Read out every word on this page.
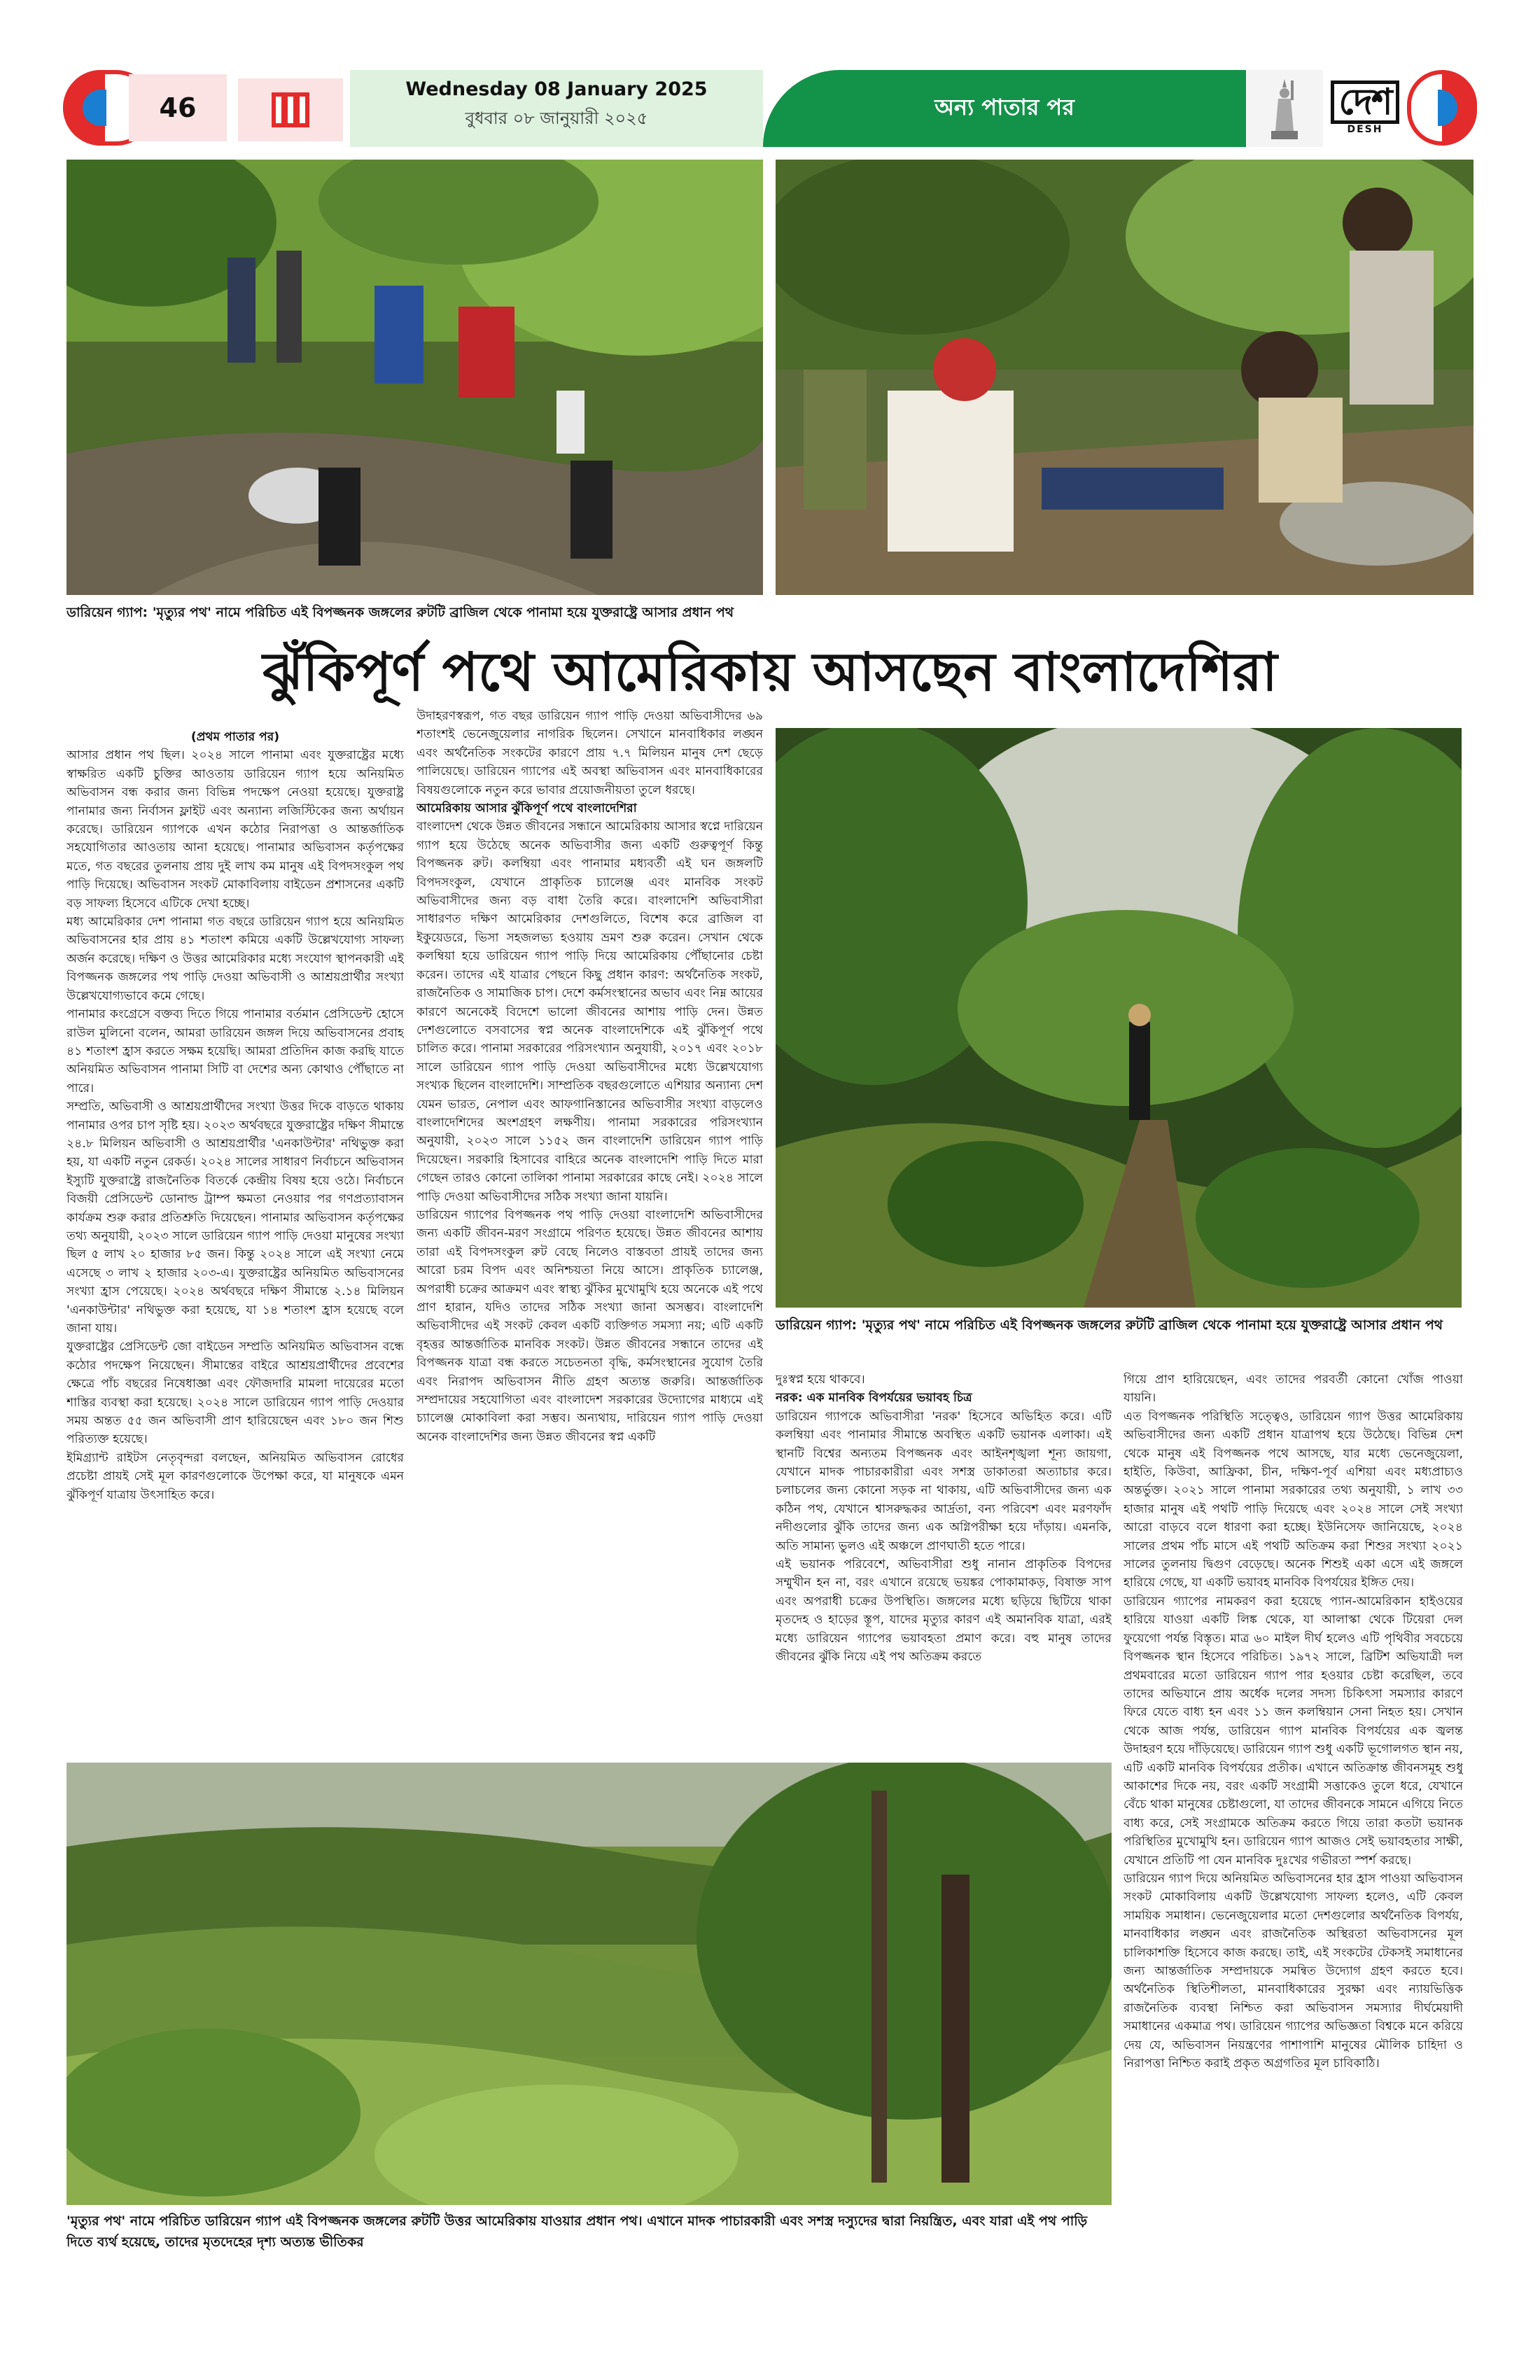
46
Wednesday 08 January 2025
বুধবার ০৮ জানুয়ারী ২০২৫	অন্য পাতার পর	দেশ
DESH
ডারিয়েন গ্যাপ: 'মৃত্যুর পথ' নামে পরিচিত এই বিপজ্জনক জঙ্গলের রুটটি ব্রাজিল থেকে পানামা হয়ে যুক্তরাষ্ট্রে আসার প্রধান পথ
ঝুঁকিপূর্ণ পথে আমেরিকায় আসছেন বাংলাদেশিরা

(প্রথম পাতার পর)

আসার প্রধান পথ ছিল। ২০২৪ সালে পানামা এবং যুক্তরাষ্ট্রের মধ্যে স্বাক্ষরিত একটি চুক্তির আওতায় ডারিয়েন গ্যাপ হয়ে অনিয়মিত অভিবাসন বন্ধ করার জন্য বিভিন্ন পদক্ষেপ নেওয়া হয়েছে। যুক্তরাষ্ট্র পানামার জন্য নির্বাসন ফ্লাইট এবং অন্যান্য লজিস্টিকের জন্য অর্থায়ন করেছে। ডারিয়েন গ্যাপকে এখন কঠোর নিরাপত্তা ও আন্তর্জাতিক সহযোগিতার আওতায় আনা হয়েছে। পানামার অভিবাসন কর্তৃপক্ষের মতে, গত বছরের তুলনায় প্রায় দুই লাখ কম মানুষ এই বিপদসংকুল পথ পাড়ি দিয়েছে। অভিবাসন সংকট মোকাবিলায় বাইডেন প্রশাসনের একটি বড় সাফল্য হিসেবে এটিকে দেখা হচ্ছে।

মধ্য আমেরিকার দেশ পানামা গত বছরে ডারিয়েন গ্যাপ হয়ে অনিয়মিত অভিবাসনের হার প্রায় ৪১ শতাংশ কমিয়ে একটি উল্লেখযোগ্য সাফল্য অর্জন করেছে। দক্ষিণ ও উত্তর আমেরিকার মধ্যে সংযোগ স্থাপনকারী এই বিপজ্জনক জঙ্গলের পথ পাড়ি দেওয়া অভিবাসী ও আশ্রয়প্রার্থীর সংখ্যা উল্লেখযোগ্যভাবে কমে গেছে।

পানামার কংগ্রেসে বক্তব্য দিতে গিয়ে পানামার বর্তমান প্রেসিডেন্ট হোসে রাউল মুলিনো বলেন, আমরা ডারিয়েন জঙ্গল দিয়ে অভিবাসনের প্রবাহ ৪১ শতাংশ হ্রাস করতে সক্ষম হয়েছি। আমরা প্রতিদিন কাজ করছি যাতে অনিয়মিত অভিবাসন পানামা সিটি বা দেশের অন্য কোথাও পৌঁছাতে না পারে।

সম্প্রতি, অভিবাসী ও আশ্রয়প্রার্থীদের সংখ্যা উত্তর দিকে বাড়তে থাকায় পানামার ওপর চাপ সৃষ্টি হয়। ২০২৩ অর্থবছরে যুক্তরাষ্ট্রের দক্ষিণ সীমান্তে ২৪.৮ মিলিয়ন অভিবাসী ও আশ্রয়প্রার্থীর 'এনকাউন্টার' নথিভুক্ত করা হয়, যা একটি নতুন রেকর্ড। ২০২৪ সালের সাধারণ নির্বাচনে অভিবাসন ইস্যুটি যুক্তরাষ্ট্রে রাজনৈতিক বিতর্কে কেন্দ্রীয় বিষয় হয়ে ওঠে। নির্বাচনে বিজয়ী প্রেসিডেন্ট ডোনাল্ড ট্রাম্প ক্ষমতা নেওয়ার পর গণপ্রত্যাবাসন কার্যক্রম শুরু করার প্রতিশ্রুতি দিয়েছেন। পানামার অভিবাসন কর্তৃপক্ষের তথ্য অনুযায়ী, ২০২৩ সালে ডারিয়েন গ্যাপ পাড়ি দেওয়া মানুষের সংখ্যা ছিল ৫ লাখ ২০ হাজার ৮৫ জন। কিন্তু ২০২৪ সালে এই সংখ্যা নেমে এসেছে ৩ লাখ ২ হাজার ২০৩-এ। যুক্তরাষ্ট্রের অনিয়মিত অভিবাসনের সংখ্যা হ্রাস পেয়েছে। ২০২৪ অর্থবছরে দক্ষিণ সীমান্তে ২.১৪ মিলিয়ন 'এনকাউন্টার' নথিভুক্ত করা হয়েছে, যা ১৪ শতাংশ হ্রাস হয়েছে বলে জানা যায়।

যুক্তরাষ্ট্রের প্রেসিডেন্ট জো বাইডেন সম্প্রতি অনিয়মিত অভিবাসন বন্ধে কঠোর পদক্ষেপ নিয়েছেন। সীমান্তের বাইরে আশ্রয়প্রার্থীদের প্রবেশের ক্ষেত্রে পাঁচ বছরের নিষেধাজ্ঞা এবং ফৌজদারি মামলা দায়েরের মতো শাস্তির ব্যবস্থা করা হয়েছে। ২০২৪ সালে ডারিয়েন গ্যাপ পাড়ি দেওয়ার সময় অন্তত ৫৫ জন অভিবাসী প্রাণ হারিয়েছেন এবং ১৮০ জন শিশু পরিত্যক্ত হয়েছে।

ইমিগ্র্যান্ট রাইটস নেতৃবৃন্দরা বলছেন, অনিয়মিত অভিবাসন রোধের প্রচেষ্টা প্রায়ই সেই মূল কারণগুলোকে উপেক্ষা করে, যা মানুষকে এমন ঝুঁকিপূর্ণ যাত্রায় উৎসাহিত করে।

উদাহরণস্বরূপ, গত বছর ডারিয়েন গ্যাপ পাড়ি দেওয়া অভিবাসীদের ৬৯ শতাংশই ভেনেজুয়েলার নাগরিক ছিলেন। সেখানে মানবাধিকার লঙ্ঘন এবং অর্থনৈতিক সংকটের কারণে প্রায় ৭.৭ মিলিয়ন মানুষ দেশ ছেড়ে পালিয়েছে। ডারিয়েন গ্যাপের এই অবস্থা অভিবাসন এবং মানবাধিকারের বিষয়গুলোকে নতুন করে ভাবার প্রয়োজনীয়তা তুলে ধরছে।

আমেরিকায় আসার ঝুঁকিপূর্ণ পথে বাংলাদেশিরা

বাংলাদেশ থেকে উন্নত জীবনের সন্ধানে আমেরিকায় আসার স্বপ্নে দারিয়েন গ্যাপ হয়ে উঠেছে অনেক অভিবাসীর জন্য একটি গুরুত্বপূর্ণ কিন্তু বিপজ্জনক রুট। কলম্বিয়া এবং পানামার মধ্যবর্তী এই ঘন জঙ্গলটি বিপদসংকুল, যেখানে প্রাকৃতিক চ্যালেঞ্জ এবং মানবিক সংকট অভিবাসীদের জন্য বড় বাধা তৈরি করে। বাংলাদেশি অভিবাসীরা সাধারণত দক্ষিণ আমেরিকার দেশগুলিতে, বিশেষ করে ব্রাজিল বা ইকুয়েডরে, ভিসা সহজলভ্য হওয়ায় ভ্রমণ শুরু করেন। সেখান থেকে কলম্বিয়া হয়ে ডারিয়েন গ্যাপ পাড়ি দিয়ে আমেরিকায় পৌঁছানোর চেষ্টা করেন। তাদের এই যাত্রার পেছনে কিছু প্রধান কারণ: অর্থনৈতিক সংকট, রাজনৈতিক ও সামাজিক চাপ। দেশে কর্মসংস্থানের অভাব এবং নিম্ন আয়ের কারণে অনেকেই বিদেশে ভালো জীবনের আশায় পাড়ি দেন। উন্নত দেশগুলোতে বসবাসের স্বপ্ন অনেক বাংলাদেশিকে এই ঝুঁকিপূর্ণ পথে চালিত করে। পানামা সরকারের পরিসংখ্যান অনুযায়ী, ২০১৭ এবং ২০১৮ সালে ডারিয়েন গ্যাপ পাড়ি দেওয়া অভিবাসীদের মধ্যে উল্লেখযোগ্য সংখ্যক ছিলেন বাংলাদেশি। সাম্প্রতিক বছরগুলোতে এশিয়ার অন্যান্য দেশ যেমন ভারত, নেপাল এবং আফগানিস্তানের অভিবাসীর সংখ্যা বাড়লেও বাংলাদেশিদের অংশগ্রহণ লক্ষণীয়। পানামা সরকারের পরিসংখ্যান অনুযায়ী, ২০২৩ সালে ১১৫২ জন বাংলাদেশি ডারিয়েন গ্যাপ পাড়ি দিয়েছেন। সরকারি হিসাবের বাহিরে অনেক বাংলাদেশি পাড়ি দিতে মারা গেছেন তারও কোনো তালিকা পানামা সরকারের কাছে নেই। ২০২৪ সালে পাড়ি দেওয়া অভিবাসীদের সঠিক সংখ্যা জানা যায়নি।

ডারিয়েন গ্যাপের বিপজ্জনক পথ পাড়ি দেওয়া বাংলাদেশি অভিবাসীদের জন্য একটি জীবন-মরণ সংগ্রামে পরিণত হয়েছে। উন্নত জীবনের আশায় তারা এই বিপদসংকুল রুট বেছে নিলেও বাস্তবতা প্রায়ই তাদের জন্য আরো চরম বিপদ এবং অনিশ্চয়তা নিয়ে আসে। প্রাকৃতিক চ্যালেঞ্জ, অপরাধী চক্রের আক্রমণ এবং স্বাস্থ্য ঝুঁকির মুখোমুখি হয়ে অনেকে এই পথে প্রাণ হারান, যদিও তাদের সঠিক সংখ্যা জানা অসম্ভব। বাংলাদেশি অভিবাসীদের এই সংকট কেবল একটি ব্যক্তিগত সমস্যা নয়; এটি একটি বৃহত্তর আন্তর্জাতিক মানবিক সংকট। উন্নত জীবনের সন্ধানে তাদের এই বিপজ্জনক যাত্রা বন্ধ করতে সচেতনতা বৃদ্ধি, কর্মসংস্থানের সুযোগ তৈরি এবং নিরাপদ অভিবাসন নীতি গ্রহণ অত্যন্ত জরুরি। আন্তর্জাতিক সম্প্রদায়ের সহযোগিতা এবং বাংলাদেশ সরকারের উদ্যোগের মাধ্যমে এই চ্যালেঞ্জ মোকাবিলা করা সম্ভব। অন্যথায়, দারিয়েন গ্যাপ পাড়ি দেওয়া অনেক বাংলাদেশির জন্য উন্নত জীবনের স্বপ্ন একটি

ডারিয়েন গ্যাপ: 'মৃত্যুর পথ' নামে পরিচিত এই বিপজ্জনক জঙ্গলের রুটটি ব্রাজিল থেকে পানামা হয়ে যুক্তরাষ্ট্রে আসার প্রধান পথ

দুঃস্বপ্ন হয়ে থাকবে।

নরক: এক মানবিক বিপর্যয়ের ভয়াবহ চিত্র

ডারিয়েন গ্যাপকে অভিবাসীরা 'নরক' হিসেবে অভিহিত করে। এটি কলম্বিয়া এবং পানামার সীমান্তে অবস্থিত একটি ভয়ানক এলাকা। এই স্থানটি বিশ্বের অন্যতম বিপজ্জনক এবং আইনশৃঙ্খলা শূন্য জায়গা, যেখানে মাদক পাচারকারীরা এবং সশস্ত্র ডাকাতরা অত্যাচার করে। চলাচলের জন্য কোনো সড়ক না থাকায়, এটি অভিবাসীদের জন্য এক কঠিন পথ, যেখানে শ্বাসরুদ্ধকর আর্দ্রতা, বন্য পরিবেশ এবং মরণফাঁদ নদীগুলোর ঝুঁকি তাদের জন্য এক অগ্নিপরীক্ষা হয়ে দাঁড়ায়। এমনকি, অতি সামান্য ভুলও এই অঞ্চলে প্রাণঘাতী হতে পারে।

এই ভয়ানক পরিবেশে, অভিবাসীরা শুধু নানান প্রাকৃতিক বিপদের সম্মুখীন হন না, বরং এখানে রয়েছে ভয়ঙ্কর পোকামাকড়, বিষাক্ত সাপ এবং অপরাধী চক্রের উপস্থিতি। জঙ্গলের মধ্যে ছড়িয়ে ছিটিয়ে থাকা মৃতদেহ ও হাড়ের স্তূপ, যাদের মৃত্যুর কারণ এই অমানবিক যাত্রা, এরই মধ্যে ডারিয়েন গ্যাপের ভয়াবহতা প্রমাণ করে। বহু মানুষ তাদের জীবনের ঝুঁকি নিয়ে এই পথ অতিক্রম করতে

গিয়ে প্রাণ হারিয়েছেন, এবং তাদের পরবর্তী কোনো খোঁজ পাওয়া যায়নি।

এত বিপজ্জনক পরিস্থিতি সত্ত্বেও, ডারিয়েন গ্যাপ উত্তর আমেরিকায় অভিবাসীদের জন্য একটি প্রধান যাত্রাপথ হয়ে উঠেছে। বিভিন্ন দেশ থেকে মানুষ এই বিপজ্জনক পথে আসছে, যার মধ্যে ভেনেজুয়েলা, হাইতি, কিউবা, আফ্রিকা, চীন, দক্ষিণ-পূর্ব এশিয়া এবং মধ্যপ্রাচ্যও অন্তর্ভুক্ত। ২০২১ সালে পানামা সরকারের তথ্য অনুযায়ী, ১ লাখ ৩৩ হাজার মানুষ এই পথটি পাড়ি দিয়েছে এবং ২০২৪ সালে সেই সংখ্যা আরো বাড়বে বলে ধারণা করা হচ্ছে। ইউনিসেফ জানিয়েছে, ২০২৪ সালের প্রথম পাঁচ মাসে এই পথটি অতিক্রম করা শিশুর সংখ্যা ২০২১ সালের তুলনায় দ্বিগুণ বেড়েছে। অনেক শিশুই একা এসে এই জঙ্গলে হারিয়ে গেছে, যা একটি ভয়াবহ মানবিক বিপর্যয়ের ইঙ্গিত দেয়।

ডারিয়েন গ্যাপের নামকরণ করা হয়েছে প্যান-আমেরিকান হাইওয়ের হারিয়ে যাওয়া একটি লিঙ্ক থেকে, যা আলাস্কা থেকে টিয়েরা দেল ফুয়েগো পর্যন্ত বিস্তৃত। মাত্র ৬০ মাইল দীর্ঘ হলেও এটি পৃথিবীর সবচেয়ে বিপজ্জনক স্থান হিসেবে পরিচিত। ১৯৭২ সালে, ব্রিটিশ অভিযাত্রী দল প্রথমবারের মতো ডারিয়েন গ্যাপ পার হওয়ার চেষ্টা করেছিল, তবে তাদের অভিযানে প্রায় অর্ধেক দলের সদস্য চিকিৎসা সমস্যার কারণে ফিরে যেতে বাধ্য হন এবং ১১ জন কলম্বিয়ান সেনা নিহত হয়। সেখান থেকে আজ পর্যন্ত, ডারিয়েন গ্যাপ মানবিক বিপর্যয়ের এক জ্বলন্ত উদাহরণ হয়ে দাঁড়িয়েছে। ডারিয়েন গ্যাপ শুধু একটি ভূগোলগত স্থান নয়, এটি একটি মানবিক বিপর্যয়ের প্রতীক। এখানে অতিক্রান্ত জীবনসমূহ শুধু আকাশের দিকে নয়, বরং একটি সংগ্রামী সত্তাকেও তুলে ধরে, যেখানে বেঁচে থাকা মানুষের চেষ্টাগুলো, যা তাদের জীবনকে সামনে এগিয়ে নিতে বাধ্য করে, সেই সংগ্রামকে অতিক্রম করতে গিয়ে তারা কতটা ভয়ানক পরিস্থিতির মুখোমুখি হন। ডারিয়েন গ্যাপ আজও সেই ভয়াবহতার সাক্ষী, যেখানে প্রতিটি পা যেন মানবিক দুঃখের গভীরতা স্পর্শ করছে।

ডারিয়েন গ্যাপ দিয়ে অনিয়মিত অভিবাসনের হার হ্রাস পাওয়া অভিবাসন সংকট মোকাবিলায় একটি উল্লেখযোগ্য সাফল্য হলেও, এটি কেবল সাময়িক সমাধান। ভেনেজুয়েলার মতো দেশগুলোর অর্থনৈতিক বিপর্যয়, মানবাধিকার লঙ্ঘন এবং রাজনৈতিক অস্থিরতা অভিবাসনের মূল চালিকাশক্তি হিসেবে কাজ করছে। তাই, এই সংকটের টেকসই সমাধানের জন্য আন্তর্জাতিক সম্প্রদায়কে সমন্বিত উদ্যোগ গ্রহণ করতে হবে। অর্থনৈতিক স্থিতিশীলতা, মানবাধিকারের সুরক্ষা এবং ন্যায়ভিত্তিক রাজনৈতিক ব্যবস্থা নিশ্চিত করা অভিবাসন সমস্যার দীর্ঘমেয়াদী সমাধানের একমাত্র পথ। ডারিয়েন গ্যাপের অভিজ্ঞতা বিশ্বকে মনে করিয়ে দেয় যে, অভিবাসন নিয়ন্ত্রণের পাশাপাশি মানুষের মৌলিক চাহিদা ও নিরাপত্তা নিশ্চিত করাই প্রকৃত অগ্রগতির মূল চাবিকাঠি।

'মৃত্যুর পথ' নামে পরিচিত ডারিয়েন গ্যাপ এই বিপজ্জনক জঙ্গলের রুটটি উত্তর আমেরিকায় যাওয়ার প্রধান পথ। এখানে মাদক পাচারকারী এবং সশস্ত্র দস্যুদের দ্বারা নিয়ন্ত্রিত, এবং যারা এই পথ পাড়ি দিতে ব্যর্থ হয়েছে, তাদের মৃতদেহের দৃশ্য অত্যন্ত ভীতিকর
